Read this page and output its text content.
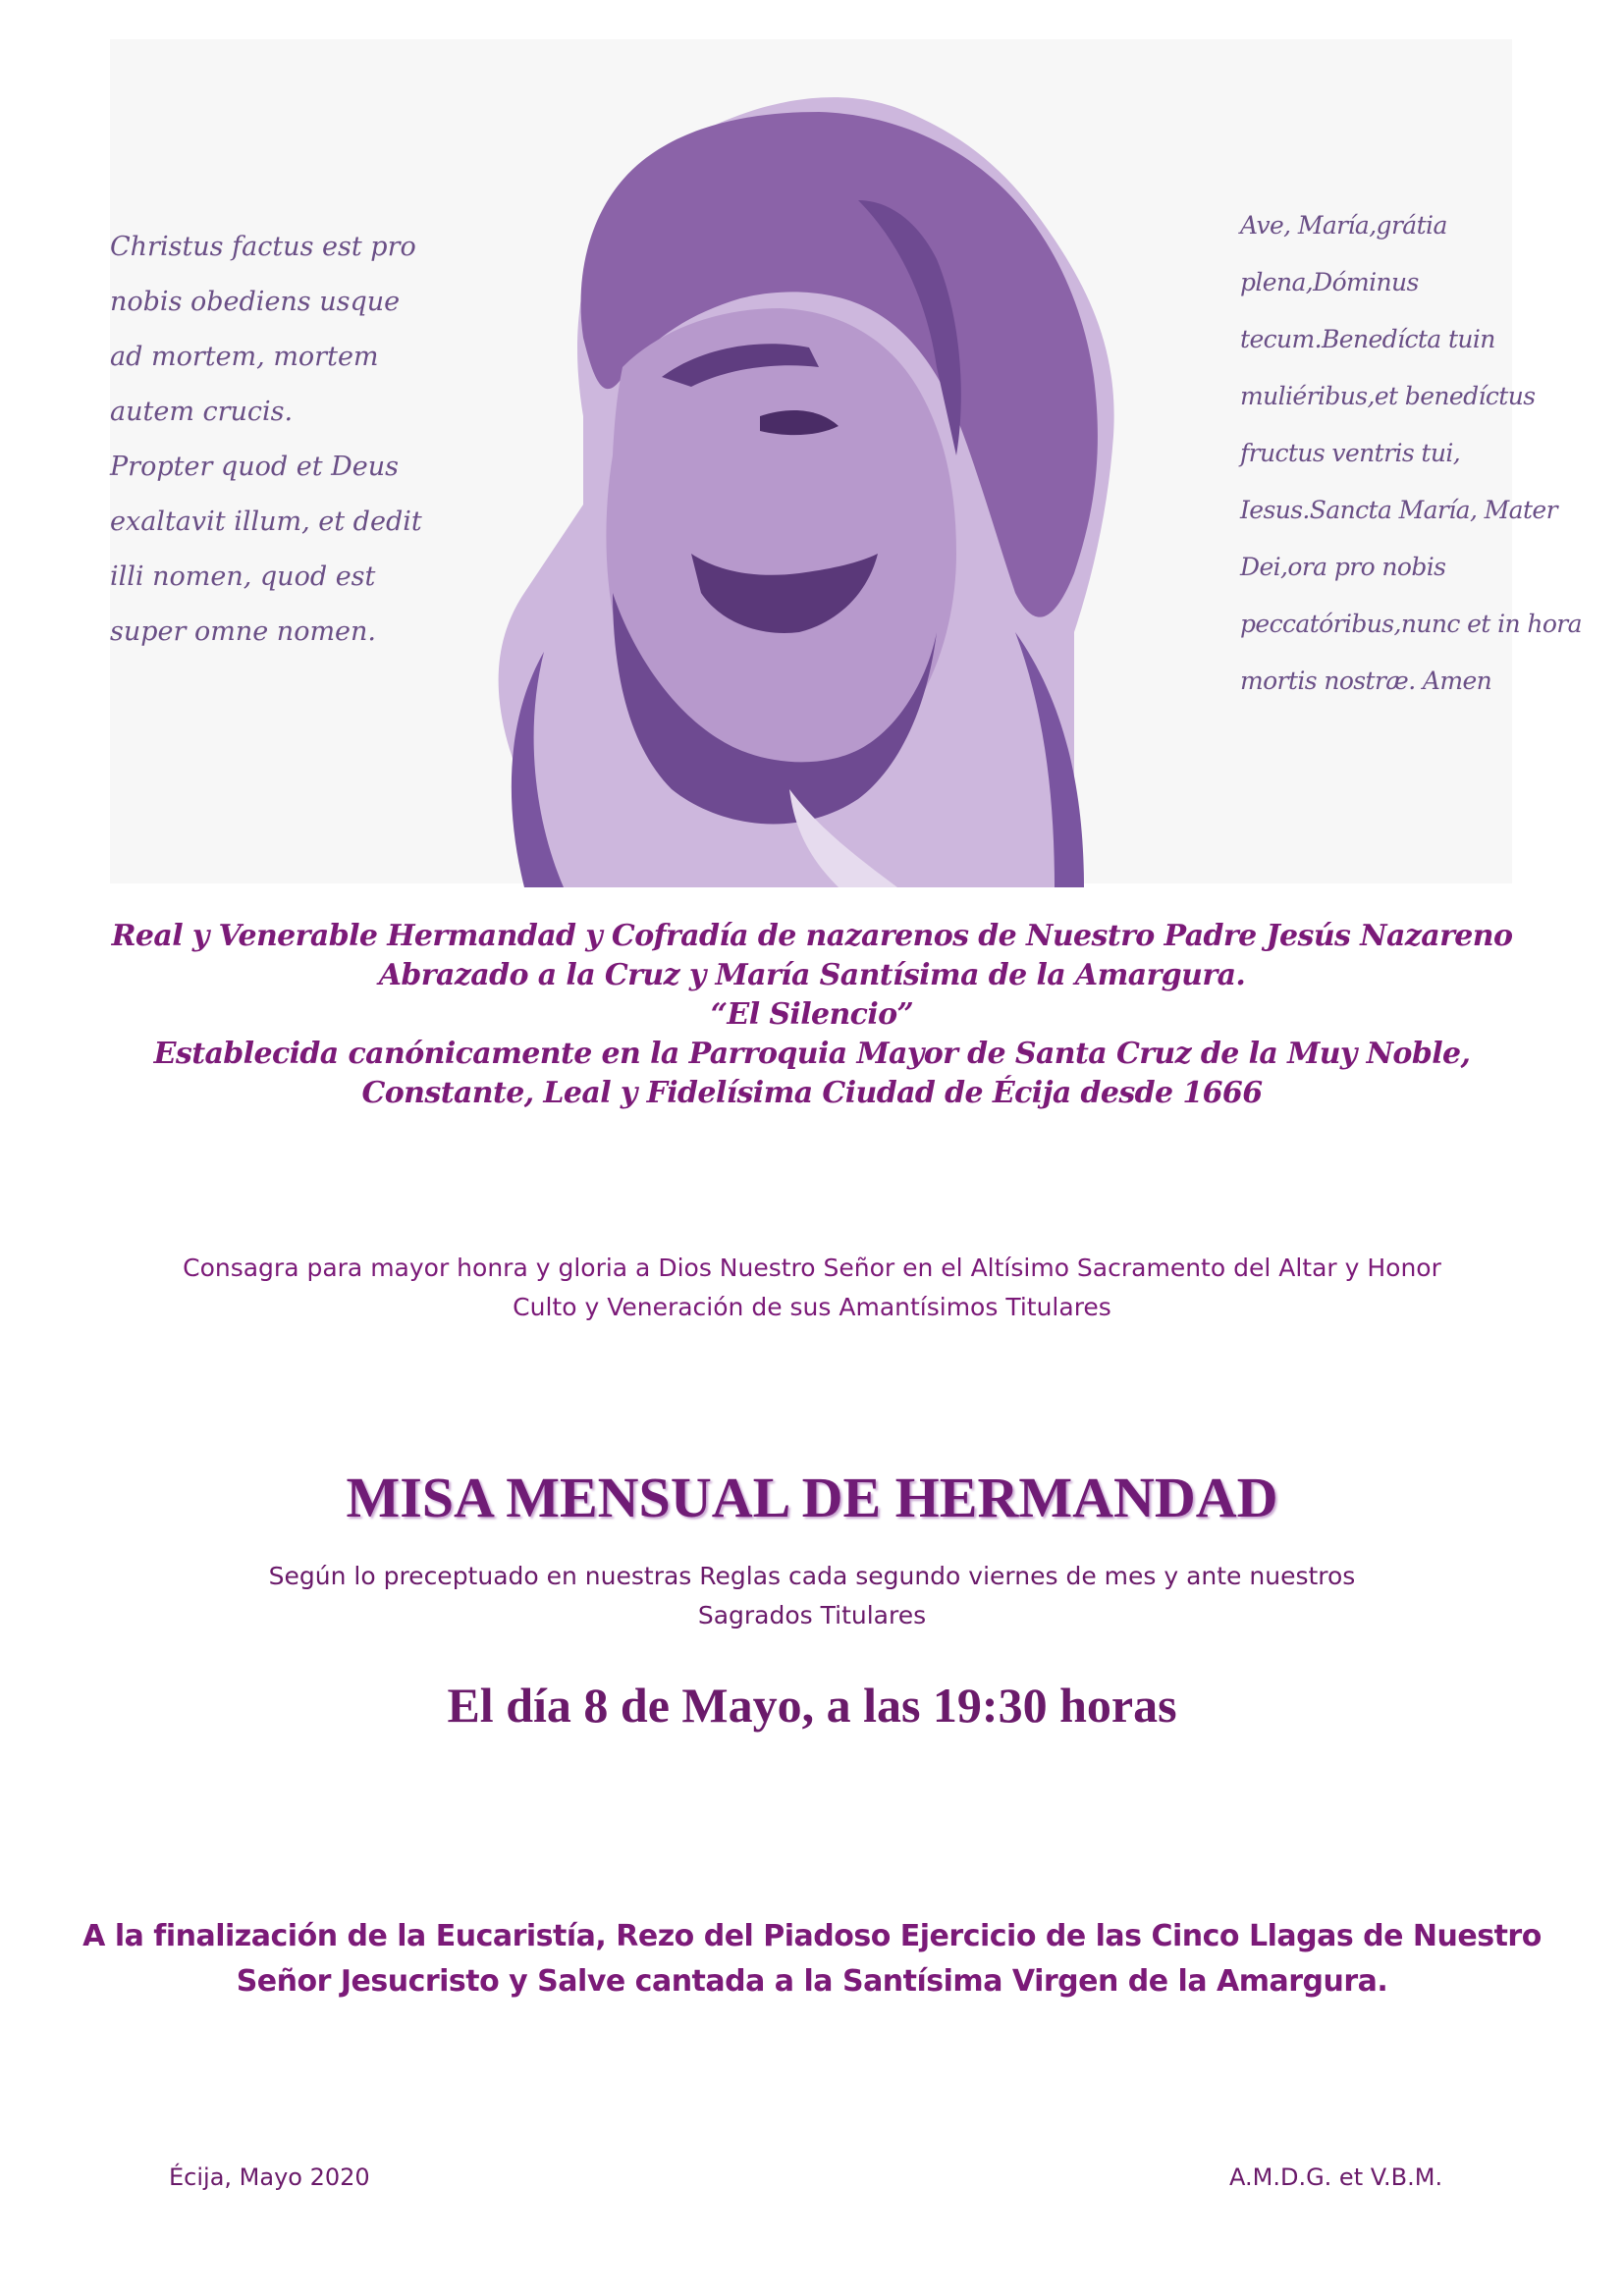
Christus factus est pro
nobis obediens usque
ad mortem, mortem
autem crucis.
Propter quod et Deus
exaltavit illum, et dedit
illi nomen, quod est
super omne nomen.
Ave, María,grátia
plena,Dóminus
tecum.Benedícta tuin
muliéribus,et benedíctus
fructus ventris tui,
Iesus.Sancta María, Mater
Dei,ora pro nobis
peccatóribus,nunc et in hora
mortis nostræ. Amen
Real y Venerable Hermandad y Cofradía de nazarenos de Nuestro Padre Jesús Nazareno
Abrazado a la Cruz y María Santísima de la Amargura.
“El Silencio”
Establecida canónicamente en la Parroquia Mayor de Santa Cruz de la Muy Noble,
Constante, Leal y Fidelísima Ciudad de Écija desde 1666
Consagra para mayor honra y gloria a Dios Nuestro Señor en el Altísimo Sacramento del Altar y Honor
Culto y Veneración de sus Amantísimos Titulares
MISA MENSUAL DE HERMANDAD
Según lo preceptuado en nuestras Reglas cada segundo viernes de mes y ante nuestros
Sagrados Titulares
El día 8 de Mayo, a las 19:30 horas
A la finalización de la Eucaristía, Rezo del Piadoso Ejercicio de las Cinco Llagas de Nuestro
Señor Jesucristo y Salve cantada a la Santísima Virgen de la Amargura.
Écija, Mayo 2020	A.M.D.G. et V.B.M.
